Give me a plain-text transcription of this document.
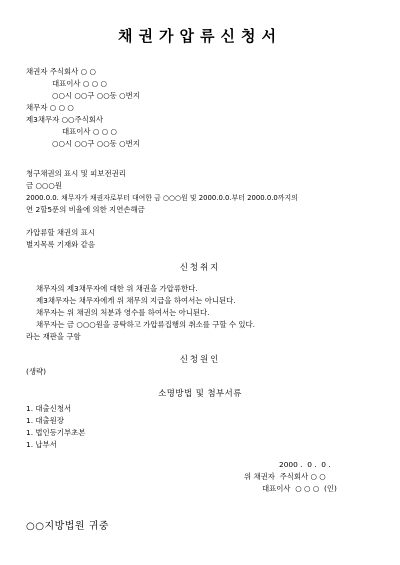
채권가압류신청서
채권자 주식회사 ○ ○
대표이사 ○ ○ ○
○○시 ○○구 ○○동 ○번지
채무자 ○ ○ ○
제3채무자 ○○주식회사
대표이사 ○ ○ ○
○○시 ○○구 ○○동 ○번지
청구채권의 표시 및 피보전권리
금 ○○○원
2000.0.0. 채무자가 채권자로부터 대여한 금 ○○○원 및 2000.0.0.부터 2000.0.0까지의
연 2할5푼의 비율에 의한 지연손해금
가압류할 채권의 표시
별지목록 기재와 같음
신청취지
채무자의 제3채무자에 대한 위 채권을 가압류한다.
제3채무자는 채무자에게 위 채무의 지급을 하여서는 아니된다.
채무자는 위 채권의 처분과 영수를 하여서는 아니된다.
채무자는 금 ○○○원을 공탁하고 가압류집행의 취소를 구할 수 있다.
라는 재판을 구함
신청원인
(생략)
소명방법 및 첨부서류
1. 대출신청서
1. 대출원장
1. 법인등기부초본
1. 납부서
2000 .  0 .  0 .
위 채권자  주식회사 ○ ○
대표이사  ○ ○ ○  (인)
○○지방법원 귀중
